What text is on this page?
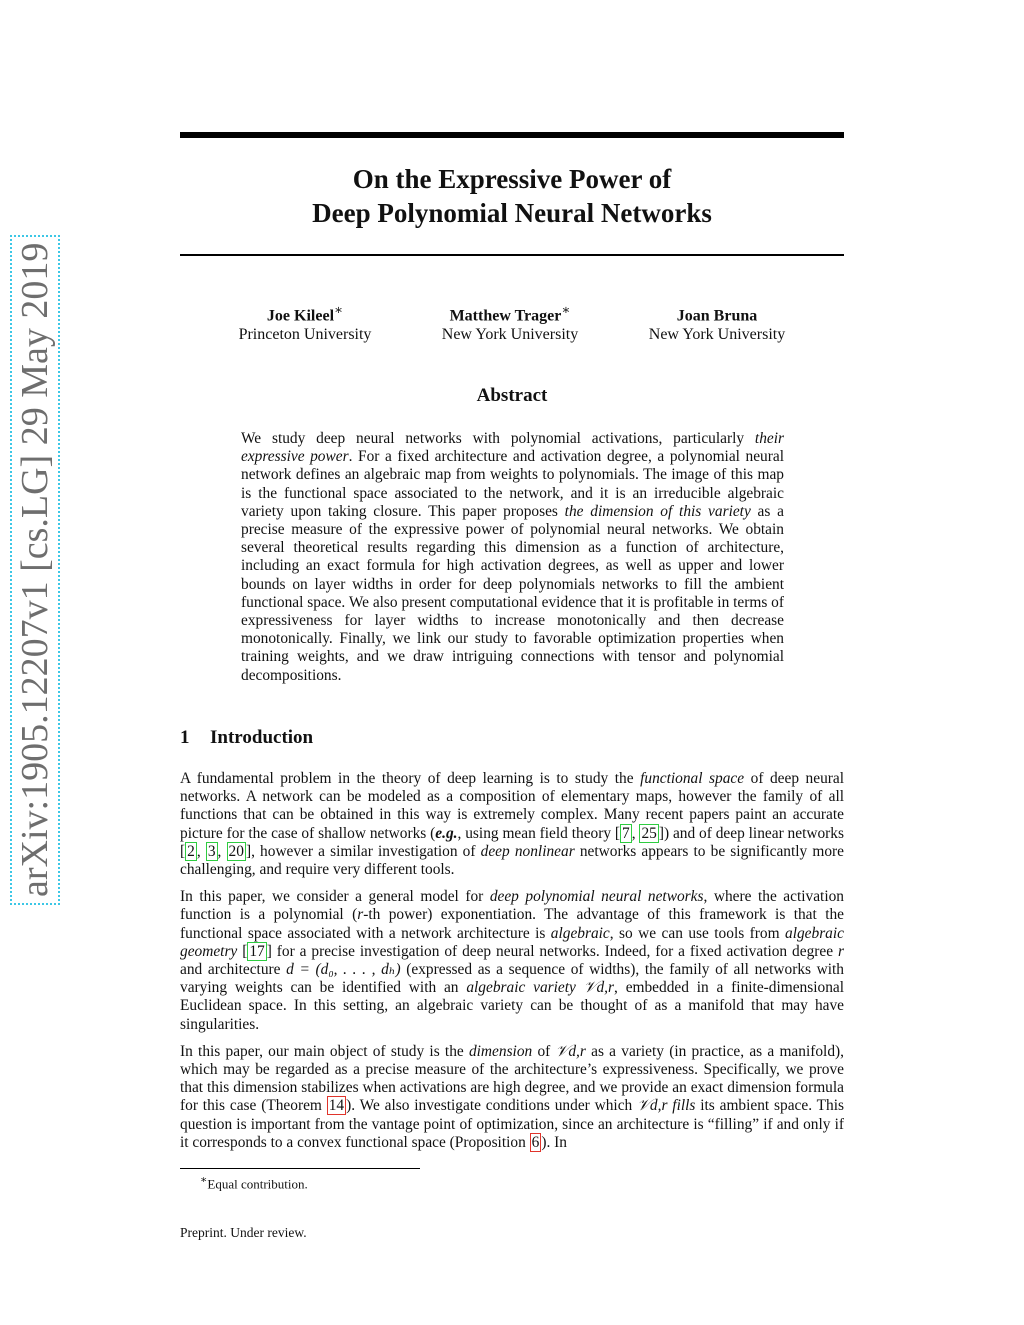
arXiv:1905.12207v1 [cs.LG] 29 May 2019
On the Expressive Power of
Deep Polynomial Neural Networks
Joe Kileel∗
Princeton University
Matthew Trager∗
New York University
Joan Bruna
New York University
Abstract
We study deep neural networks with polynomial activations, particularly their expressive power. For a fixed architecture and activation degree, a polynomial neural network defines an algebraic map from weights to polynomials. The image of this map is the functional space associated to the network, and it is an irreducible algebraic variety upon taking closure. This paper proposes the dimension of this variety as a precise measure of the expressive power of polynomial neural networks. We obtain several theoretical results regarding this dimension as a function of architecture, including an exact formula for high activation degrees, as well as upper and lower bounds on layer widths in order for deep polynomials networks to fill the ambient functional space. We also present computational evidence that it is profitable in terms of expressiveness for layer widths to increase monotonically and then decrease monotonically. Finally, we link our study to favorable optimization properties when training weights, and we draw intriguing connections with tensor and polynomial decompositions.
1 Introduction

A fundamental problem in the theory of deep learning is to study the functional space of deep neural networks. A network can be modeled as a composition of elementary maps, however the family of all functions that can be obtained in this way is extremely complex. Many recent papers paint an accurate picture for the case of shallow networks (e.g., using mean field theory [ 7 , 25 ]) and of deep linear networks [ 2 , 3 , 20 ], however a similar investigation of deep nonlinear networks appears to be significantly more challenging, and require very different tools.

In this paper, we consider a general model for deep polynomial neural networks, where the activation function is a polynomial (r-th power) exponentiation. The advantage of this framework is that the functional space associated with a network architecture is algebraic, so we can use tools from algebraic geometry [ 17 ] for a precise investigation of deep neural networks. Indeed, for a fixed activation degree r and architecture d = (d₀, . . . , dₕ) (expressed as a sequence of widths), the family of all networks with varying weights can be identified with an algebraic variety 𝒱d,r, embedded in a finite-dimensional Euclidean space. In this setting, an algebraic variety can be thought of as a manifold that may have singularities.

In this paper, our main object of study is the dimension of 𝒱d,r as a variety (in practice, as a manifold), which may be regarded as a precise measure of the architecture’s expressiveness. Specifically, we prove that this dimension stabilizes when activations are high degree, and we provide an exact dimension formula for this case (Theorem 14 ). We also investigate conditions under which 𝒱d,r fills its ambient space. This question is important from the vantage point of optimization, since an architecture is “filling” if and only if it corresponds to a convex functional space (Proposition 6 ). In

∗Equal contribution.
Preprint. Under review.
